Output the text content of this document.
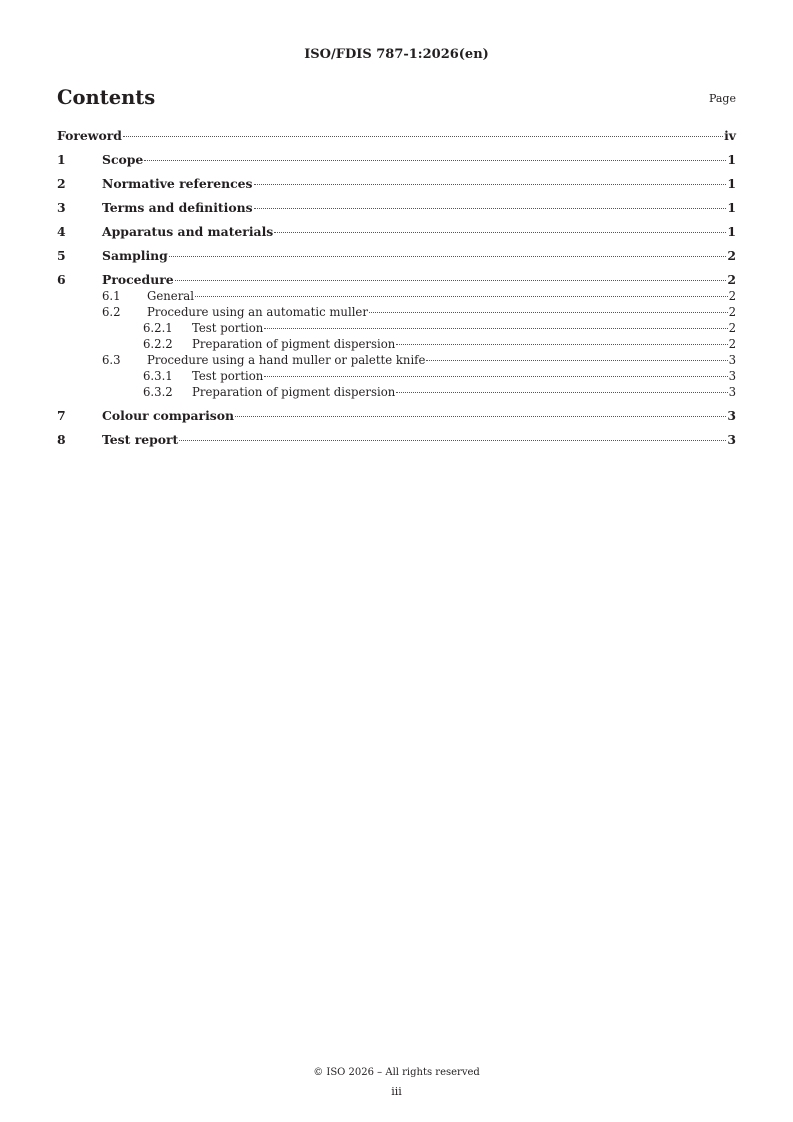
ISO/FDIS 787-1:2026(en)
Contents	Page
Foreword	iv
1	Scope	1
2	Normative references	1
3	Terms and definitions	1
4	Apparatus and materials	1
5	Sampling	2
6	Procedure	2
6.1	General	2
6.2	Procedure using an automatic muller	2
6.2.1	Test portion	2
6.2.2	Preparation of pigment dispersion	2
6.3	Procedure using a hand muller or palette knife	3
6.3.1	Test portion	3
6.3.2	Preparation of pigment dispersion	3
7	Colour comparison	3
8	Test report	3
© ISO 2026 – All rights reserved
iii
